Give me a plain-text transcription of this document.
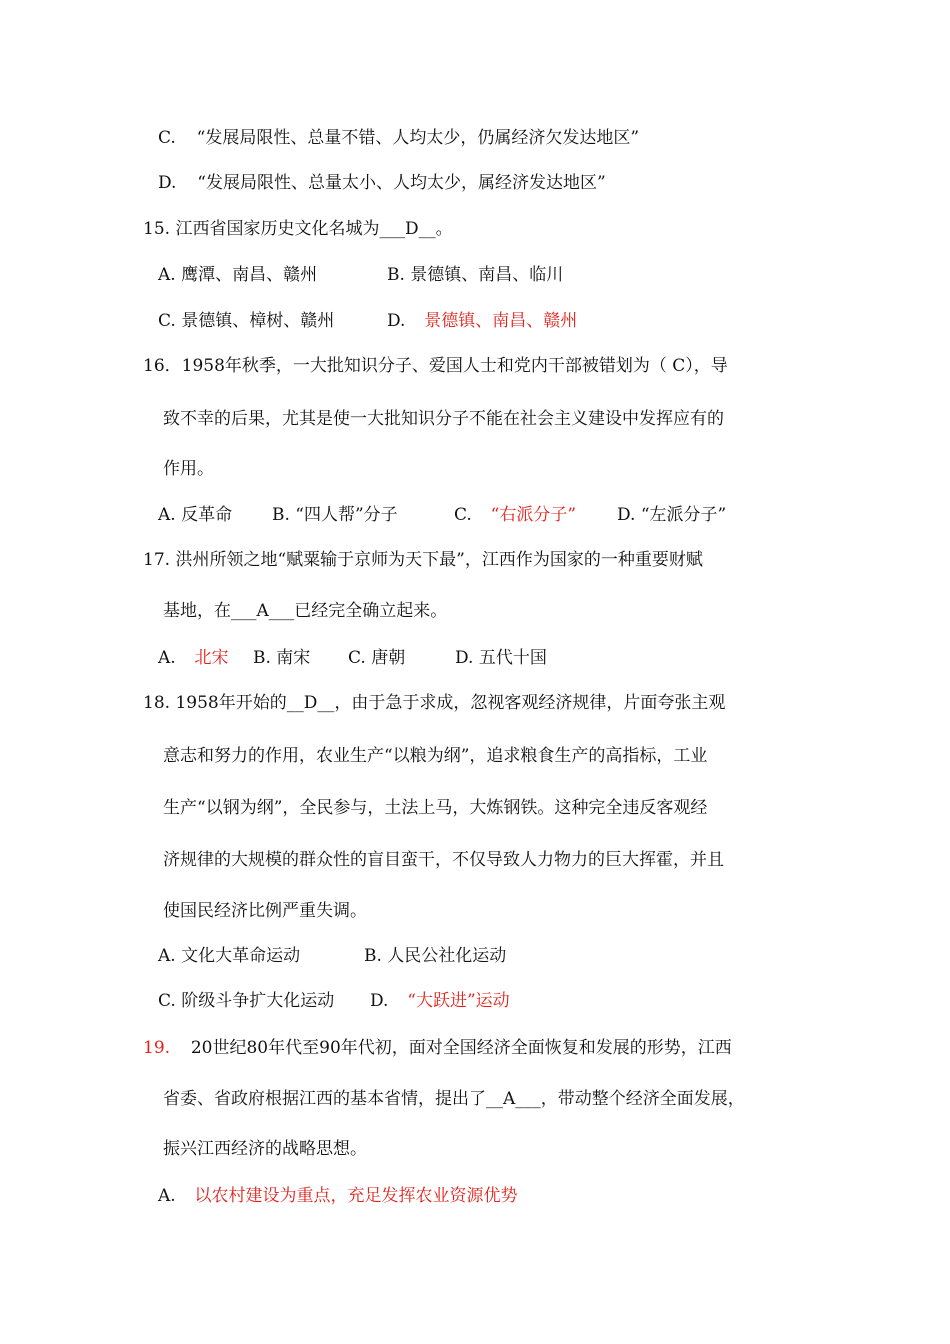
C. “发展局限性、总量不错、人均太少，仍属经济欠发达地区”
D. “发展局限性、总量太小、人均太少，属经济发达地区”
15. 江西省国家历史文化名城为___D__。
A. 鹰潭、南昌、赣州	B. 景德镇、南昌、临川
C. 景德镇、樟树、赣州	D. 景德镇、南昌、赣州
16．1958年秋季，一大批知识分子、爱国人士和党内干部被错划为（ C），导
致不幸的后果，尤其是使一大批知识分子不能在社会主义建设中发挥应有的
作用。
A. 反革命 B. “四人帮”分子	C. “右派分子” D. “左派分子”
17. 洪州所领之地“赋粟输于京师为天下最”，江西作为国家的一种重要财赋
基地，在___A___已经完全确立起来。
A. 北宋 B. 南宋 C. 唐朝	D. 五代十国
18. 1958年开始的__D__，由于急于求成，忽视客观经济规律，片面夸张主观
意志和努力的作用，农业生产“以粮为纲”，追求粮食生产的高指标，工业
生产“以钢为纲”，全民参与，土法上马，大炼钢铁。这种完全违反客观经
济规律的大规模的群众性的盲目蛮干，不仅导致人力物力的巨大挥霍，并且
使国民经济比例严重失调。
A. 文化大革命运动	B. 人民公社化运动
C. 阶级斗争扩大化运动 D. “大跃进”运动
19. 20世纪80年代至90年代初，面对全国经济全面恢复和发展的形势，江西
省委、省政府根据江西的基本省情，提出了__A___，带动整个经济全面发展，
振兴江西经济的战略思想。
A. 以农村建设为重点，充足发挥农业资源优势
